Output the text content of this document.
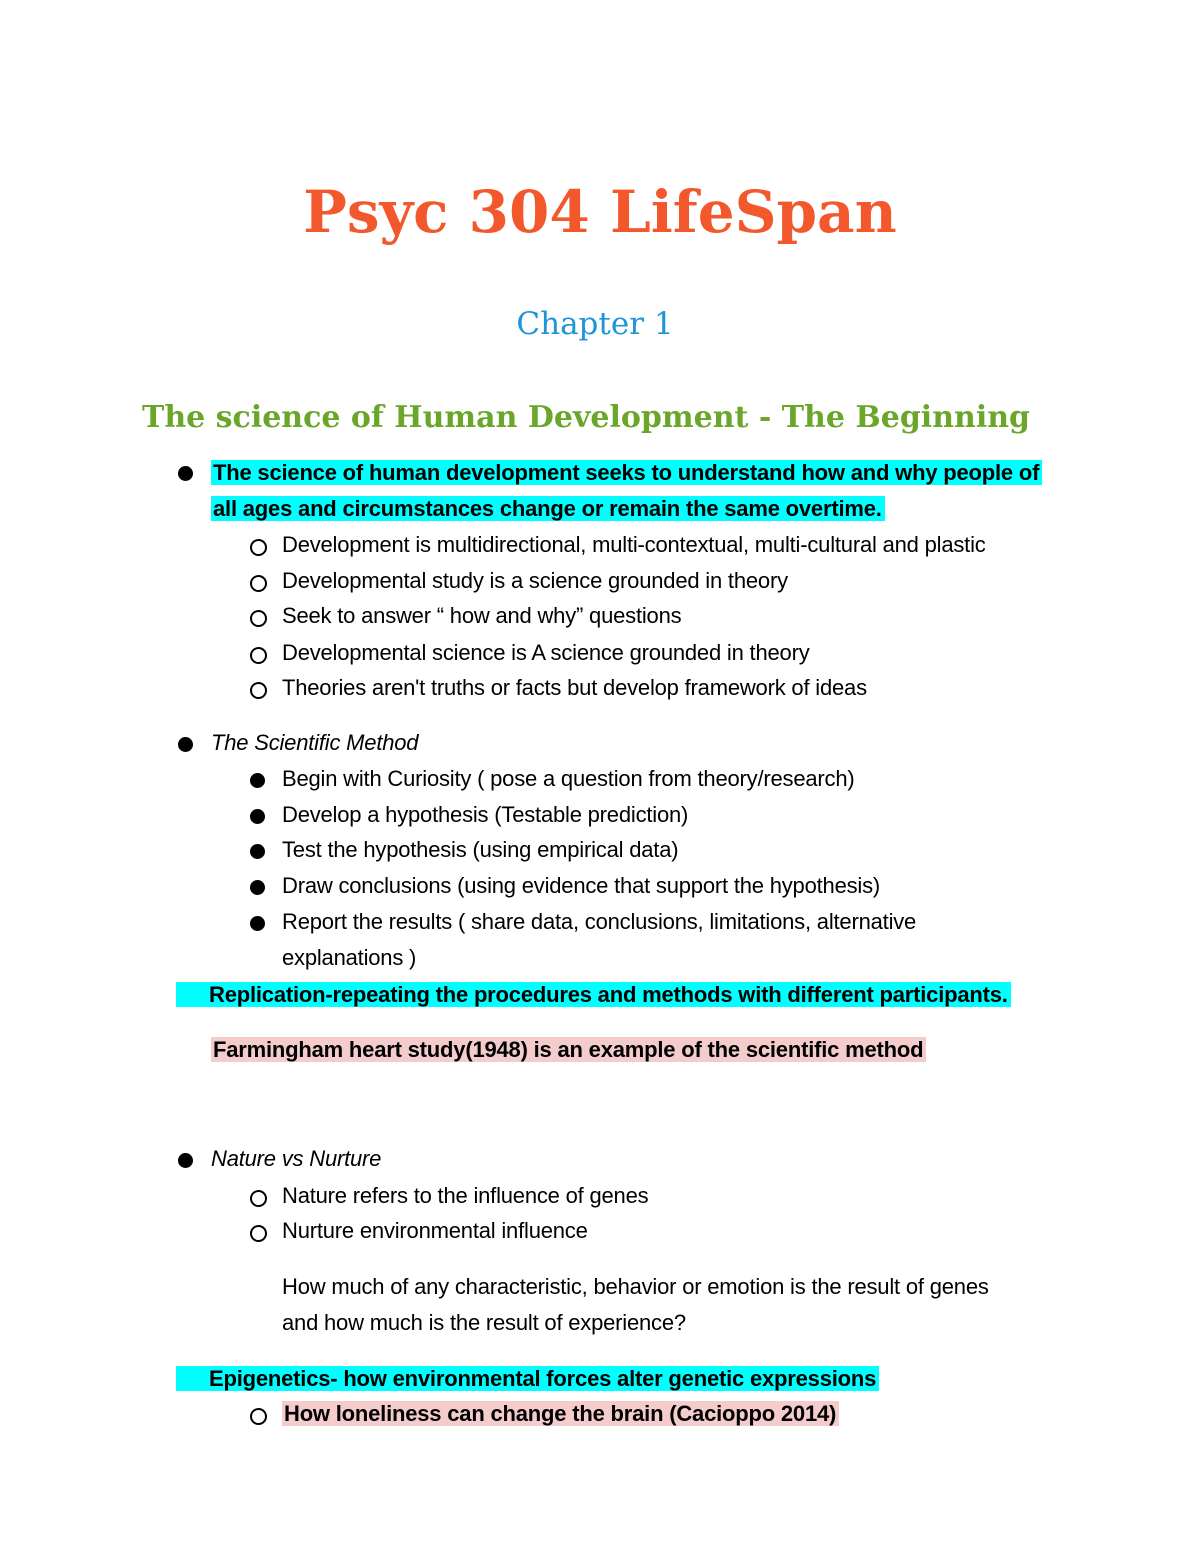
Psyc 304 LifeSpan
Chapter 1
The science of Human Development - The Beginning
The science of human development seeks to understand how and why people of
all ages and circumstances change or remain the same overtime.
Development is multidirectional, multi-contextual, multi-cultural and plastic
Developmental study is a science grounded in theory
Seek to answer “ how and why” questions
Developmental science is A science grounded in theory
Theories aren't truths or facts but develop framework of ideas
The Scientific Method
Begin with Curiosity ( pose a question from theory/research)
Develop a hypothesis (Testable prediction)
Test the hypothesis (using empirical data)
Draw conclusions (using evidence that support the hypothesis)
Report the results ( share data, conclusions, limitations, alternative
explanations )
Replication-repeating the procedures and methods with different participants.
Farmingham heart study(1948) is an example of the scientific method
Nature vs Nurture
Nature refers to the influence of genes
Nurture environmental influence
How much of any characteristic, behavior or emotion is the result of genes
and how much is the result of experience?
Epigenetics- how environmental forces alter genetic expressions
How loneliness can change the brain (Cacioppo 2014)
